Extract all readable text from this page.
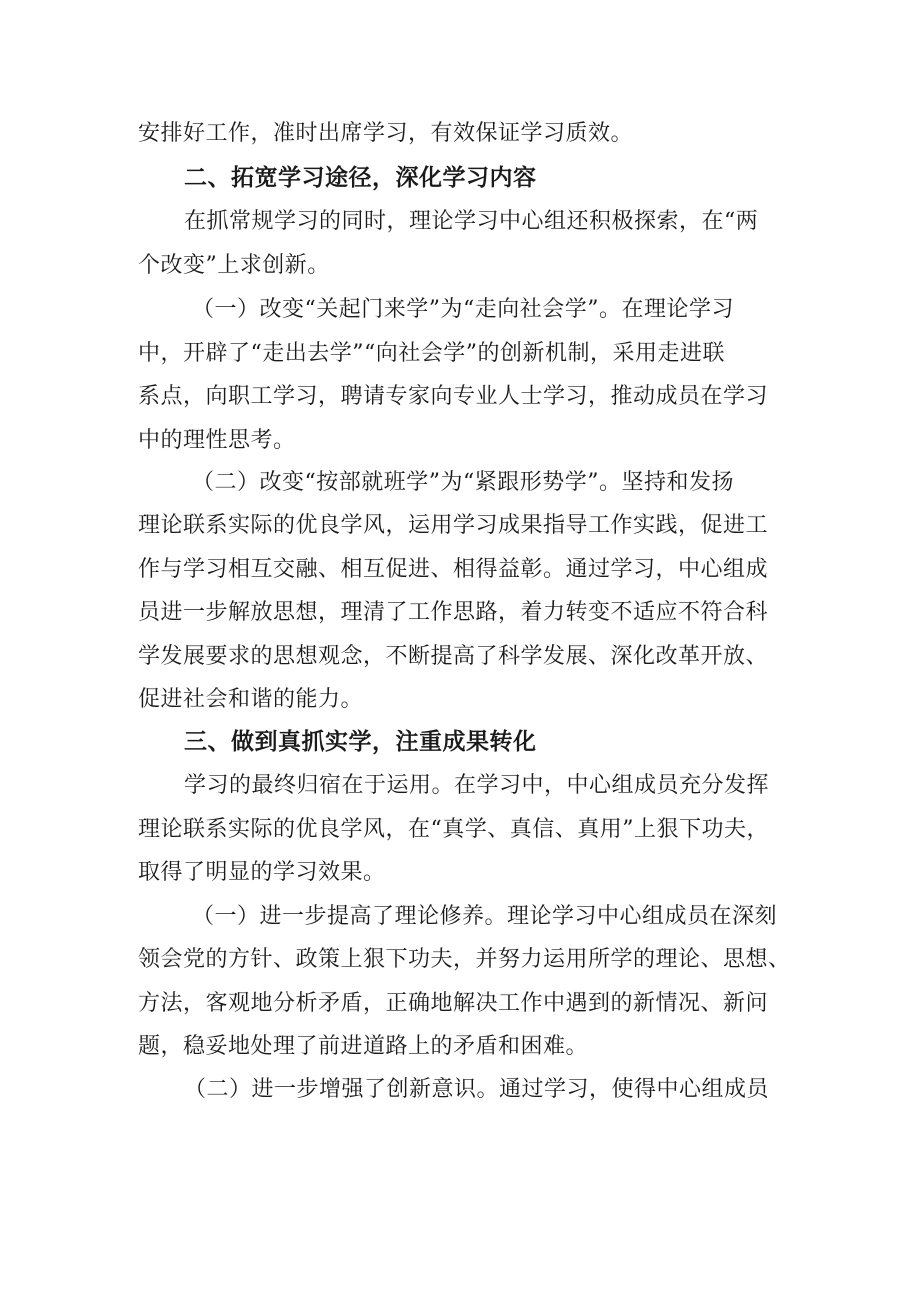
安排好工作，准时出席学习，有效保证学习质效。
二、拓宽学习途径，深化学习内容
在抓常规学习的同时，理论学习中心组还积极探索，在“两
个改变”上求创新。
（一）改变“关起门来学”为“走向社会学”。在理论学习
中，开辟了“走出去学”“向社会学”的创新机制，采用走进联
系点，向职工学习，聘请专家向专业人士学习，推动成员在学习
中的理性思考。
（二）改变“按部就班学”为“紧跟形势学”。坚持和发扬
理论联系实际的优良学风，运用学习成果指导工作实践，促进工
作与学习相互交融、相互促进、相得益彰。通过学习，中心组成
员进一步解放思想，理清了工作思路，着力转变不适应不符合科
学发展要求的思想观念，不断提高了科学发展、深化改革开放、
促进社会和谐的能力。
三、做到真抓实学，注重成果转化
学习的最终归宿在于运用。在学习中，中心组成员充分发挥
理论联系实际的优良学风，在“真学、真信、真用”上狠下功夫，
取得了明显的学习效果。
（一）进一步提高了理论修养。理论学习中心组成员在深刻
领会党的方针、政策上狠下功夫，并努力运用所学的理论、思想、
方法，客观地分析矛盾，正确地解决工作中遇到的新情况、新问
题，稳妥地处理了前进道路上的矛盾和困难。
（二）进一步增强了创新意识。通过学习，使得中心组成员
